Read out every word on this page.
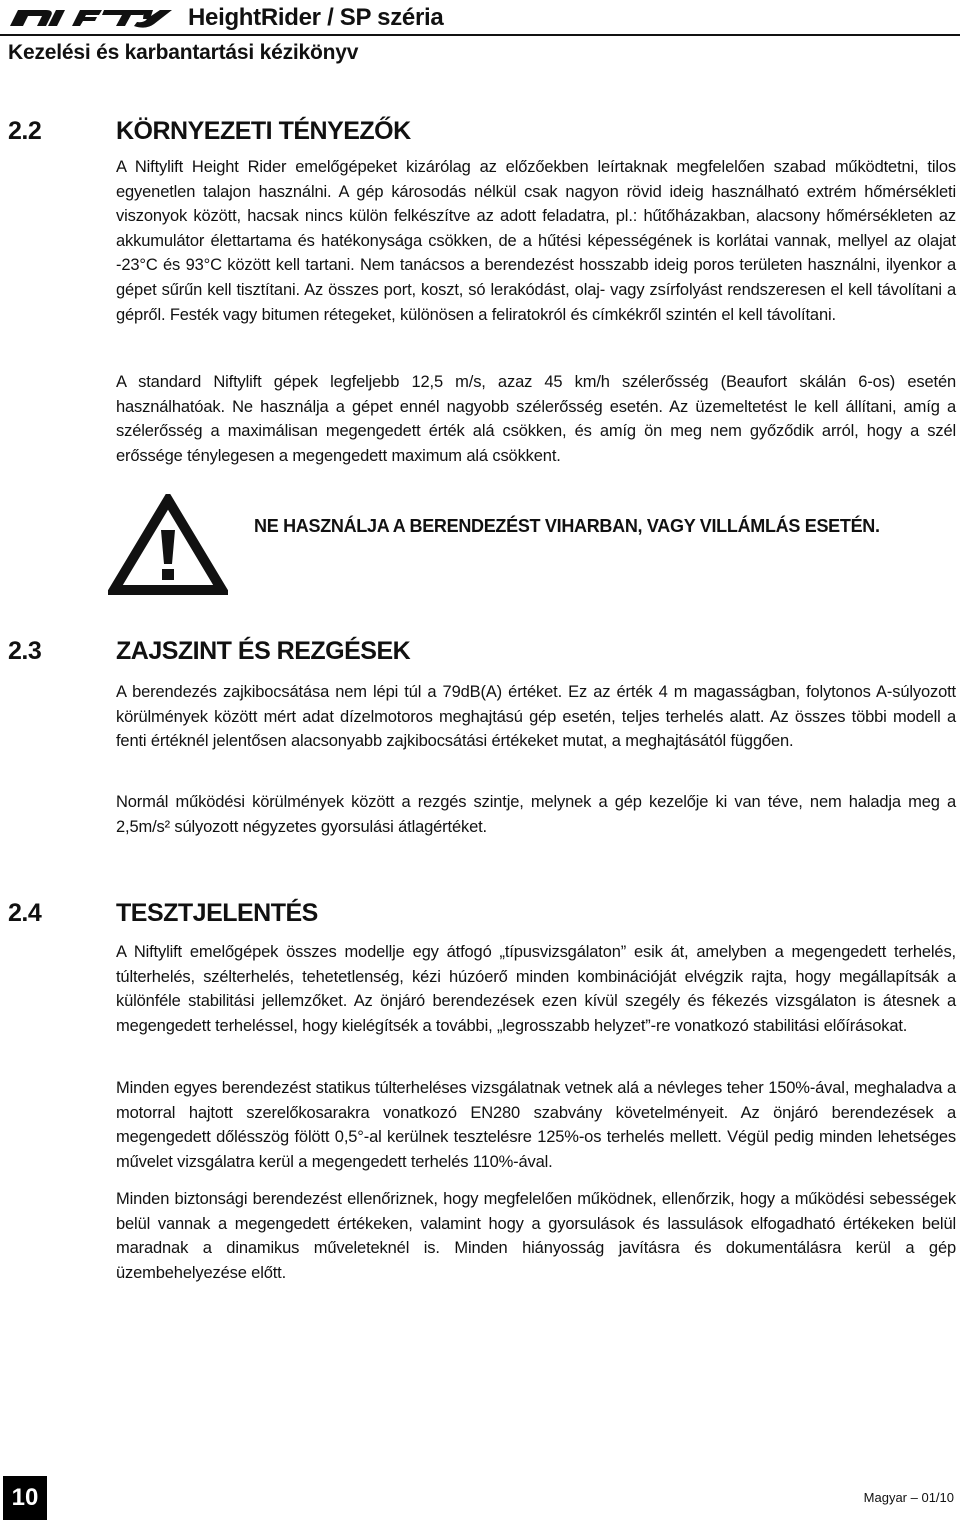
HeightRider / SP széria
Kezelési és karbantartási kézikönyv
2.2	KÖRNYEZETI TÉNYEZŐK

A Niftylift Height Rider emelőgépeket kizárólag az előzőekben leírtaknak megfelelően szabad működtetni, tilos egyenetlen talajon használni. A gép károsodás nélkül csak nagyon rövid ideig használható extrém hőmérsékleti viszonyok között, hacsak nincs külön felkészítve az adott feladatra, pl.: hűtőházakban, alacsony hőmérsékleten az akkumulátor élettartama és hatékonysága csökken, de a hűtési képességének is korlátai vannak, mellyel az olajat -23°C és 93°C között kell tartani. Nem tanácsos a berendezést hosszabb ideig poros területen használni, ilyenkor a gépet sűrűn kell tisztítani. Az összes port, koszt, só lerakódást, olaj- vagy zsírfolyást rendszeresen el kell távolítani a gépről. Festék vagy bitumen rétegeket, különösen a feliratokról és címkékről szintén el kell távolítani.

A standard Niftylift gépek legfeljebb 12,5 m/s, azaz 45 km/h szélerősség (Beaufort skálán 6-os) esetén használhatóak. Ne használja a gépet ennél nagyobb szélerősség esetén. Az üzemeltetést le kell állítani, amíg a szélerősség a maximálisan megengedett érték alá csökken, és amíg ön meg nem győződik arról, hogy a szél erőssége ténylegesen a megengedett maximum alá csökkent.

NE HASZNÁLJA A BERENDEZÉST VIHARBAN, VAGY VILLÁMLÁS ESETÉN.
2.3	ZAJSZINT ÉS REZGÉSEK

A berendezés zajkibocsátása nem lépi túl a 79dB(A) értéket. Ez az érték 4 m magasságban, folytonos A-súlyozott körülmények között mért adat dízelmotoros meghajtású gép esetén, teljes terhelés alatt. Az összes többi modell a fenti értéknél jelentősen alacsonyabb zajkibocsátási értékeket mutat, a meghajtásától függően.

Normál működési körülmények között a rezgés szintje, melynek a gép kezelője ki van téve, nem haladja meg a 2,5m/s² súlyozott négyzetes gyorsulási átlagértéket.

2.4	TESZTJELENTÉS

A Niftylift emelőgépek összes modellje egy átfogó „típusvizsgálaton” esik át, amelyben a megengedett terhelés, túlterhelés, szélterhelés, tehetetlenség, kézi húzóerő minden kombinációját elvégzik rajta, hogy megállapítsák a különféle stabilitási jellemzőket. Az önjáró berendezések ezen kívül szegély és fékezés vizsgálaton is átesnek a megengedett terheléssel, hogy kielégítsék a további, „legrosszabb helyzet”-re vonatkozó stabilitási előírásokat.

Minden egyes berendezést statikus túlterheléses vizsgálatnak vetnek alá a névleges teher 150%-ával, meghaladva a motorral hajtott szerelőkosarakra vonatkozó EN280 szabvány követelményeit. Az önjáró berendezések a megengedett dőlésszög fölött 0,5°-al kerülnek tesztelésre 125%-os terhelés mellett. Végül pedig minden lehetséges művelet vizsgálatra kerül a megengedett terhelés 110%-ával.

Minden biztonsági berendezést ellenőriznek, hogy megfelelően működnek, ellenőrzik, hogy a működési sebességek belül vannak a megengedett értékeken, valamint hogy a gyorsulások és lassulások elfogadható értékeken belül maradnak a dinamikus műveleteknél is. Minden hiányosság javításra és dokumentálásra kerül a gép üzembehelyezése előtt.

10	Magyar – 01/10
